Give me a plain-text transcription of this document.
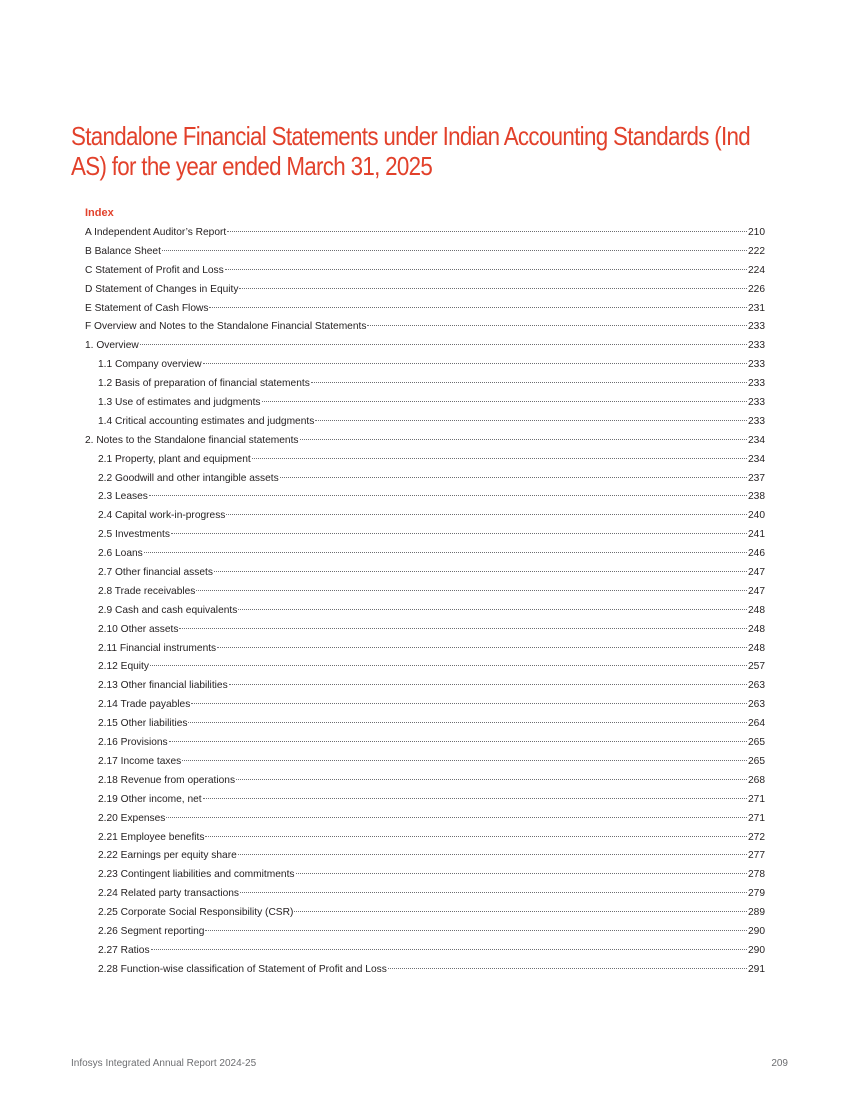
Standalone Financial Statements under Indian Accounting Standards (Ind AS) for the year ended March 31, 2025
Index
A Independent Auditor’s Report	210
B Balance Sheet	222
C Statement of Profit and Loss	224
D Statement of Changes in Equity	226
E Statement of Cash Flows	231
F Overview and Notes to the Standalone Financial Statements	233
1. Overview	233
1.1 Company overview	233
1.2 Basis of preparation of financial statements	233
1.3 Use of estimates and judgments	233
1.4 Critical accounting estimates and judgments	233
2. Notes to the Standalone financial statements	234
2.1 Property, plant and equipment	234
2.2 Goodwill and other intangible assets	237
2.3 Leases	238
2.4 Capital work-in-progress	240
2.5 Investments	241
2.6 Loans	246
2.7 Other financial assets	247
2.8 Trade receivables	247
2.9 Cash and cash equivalents	248
2.10 Other assets	248
2.11 Financial instruments	248
2.12 Equity	257
2.13 Other financial liabilities	263
2.14 Trade payables	263
2.15 Other liabilities	264
2.16 Provisions	265
2.17 Income taxes	265
2.18 Revenue from operations	268
2.19 Other income, net	271
2.20 Expenses	271
2.21 Employee benefits	272
2.22 Earnings per equity share	277
2.23 Contingent liabilities and commitments	278
2.24 Related party transactions	279
2.25 Corporate Social Responsibility (CSR)	289
2.26 Segment reporting	290
2.27 Ratios	290
2.28 Function-wise classification of Statement of Profit and Loss	291
Infosys Integrated Annual Report 2024-25	209
